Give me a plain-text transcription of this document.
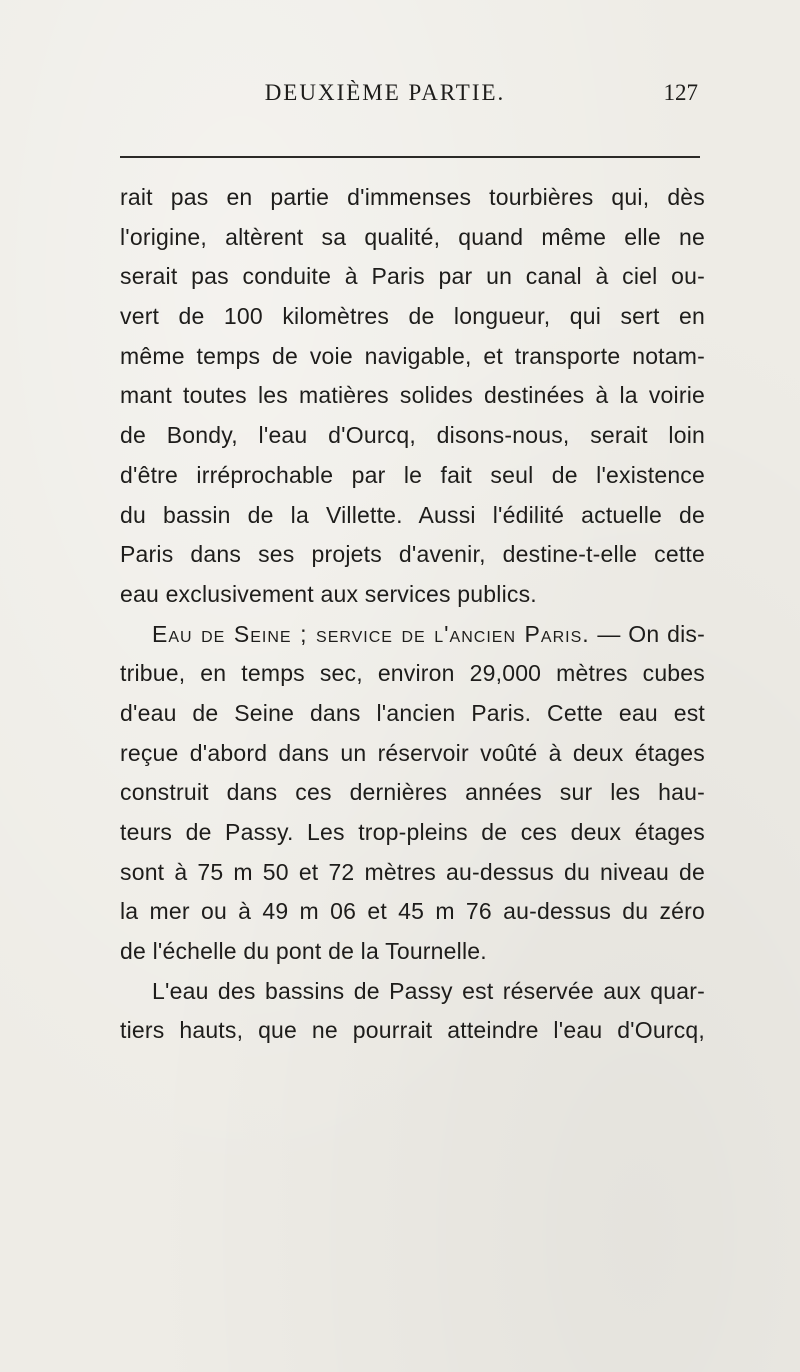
DEUXIÈME PARTIE.	127
rait pas en partie d'immenses tourbières qui, dès
l'origine, altèrent sa qualité, quand même elle ne
serait pas conduite à Paris par un canal à ciel ou-
vert de 100 kilomètres de longueur, qui sert en
même temps de voie navigable, et transporte notam-
mant toutes les matières solides destinées à la voirie
de Bondy, l'eau d'Ourcq, disons-nous, serait loin
d'être irréprochable par le fait seul de l'existence
du bassin de la Villette. Aussi l'édilité actuelle de
Paris dans ses projets d'avenir, destine-t-elle cette
eau exclusivement aux services publics.
Eau de Seine ; service de l'ancien Paris. — On dis-
tribue, en temps sec, environ 29,000 mètres cubes
d'eau de Seine dans l'ancien Paris. Cette eau est
reçue d'abord dans un réservoir voûté à deux étages
construit dans ces dernières années sur les hau-
teurs de Passy. Les trop-pleins de ces deux étages
sont à 75 m 50 et 72 mètres au-dessus du niveau de
la mer ou à 49 m 06 et 45 m 76 au-dessus du zéro
de l'échelle du pont de la Tournelle.
L'eau des bassins de Passy est réservée aux quar-
tiers hauts, que ne pourrait atteindre l'eau d'Ourcq,
